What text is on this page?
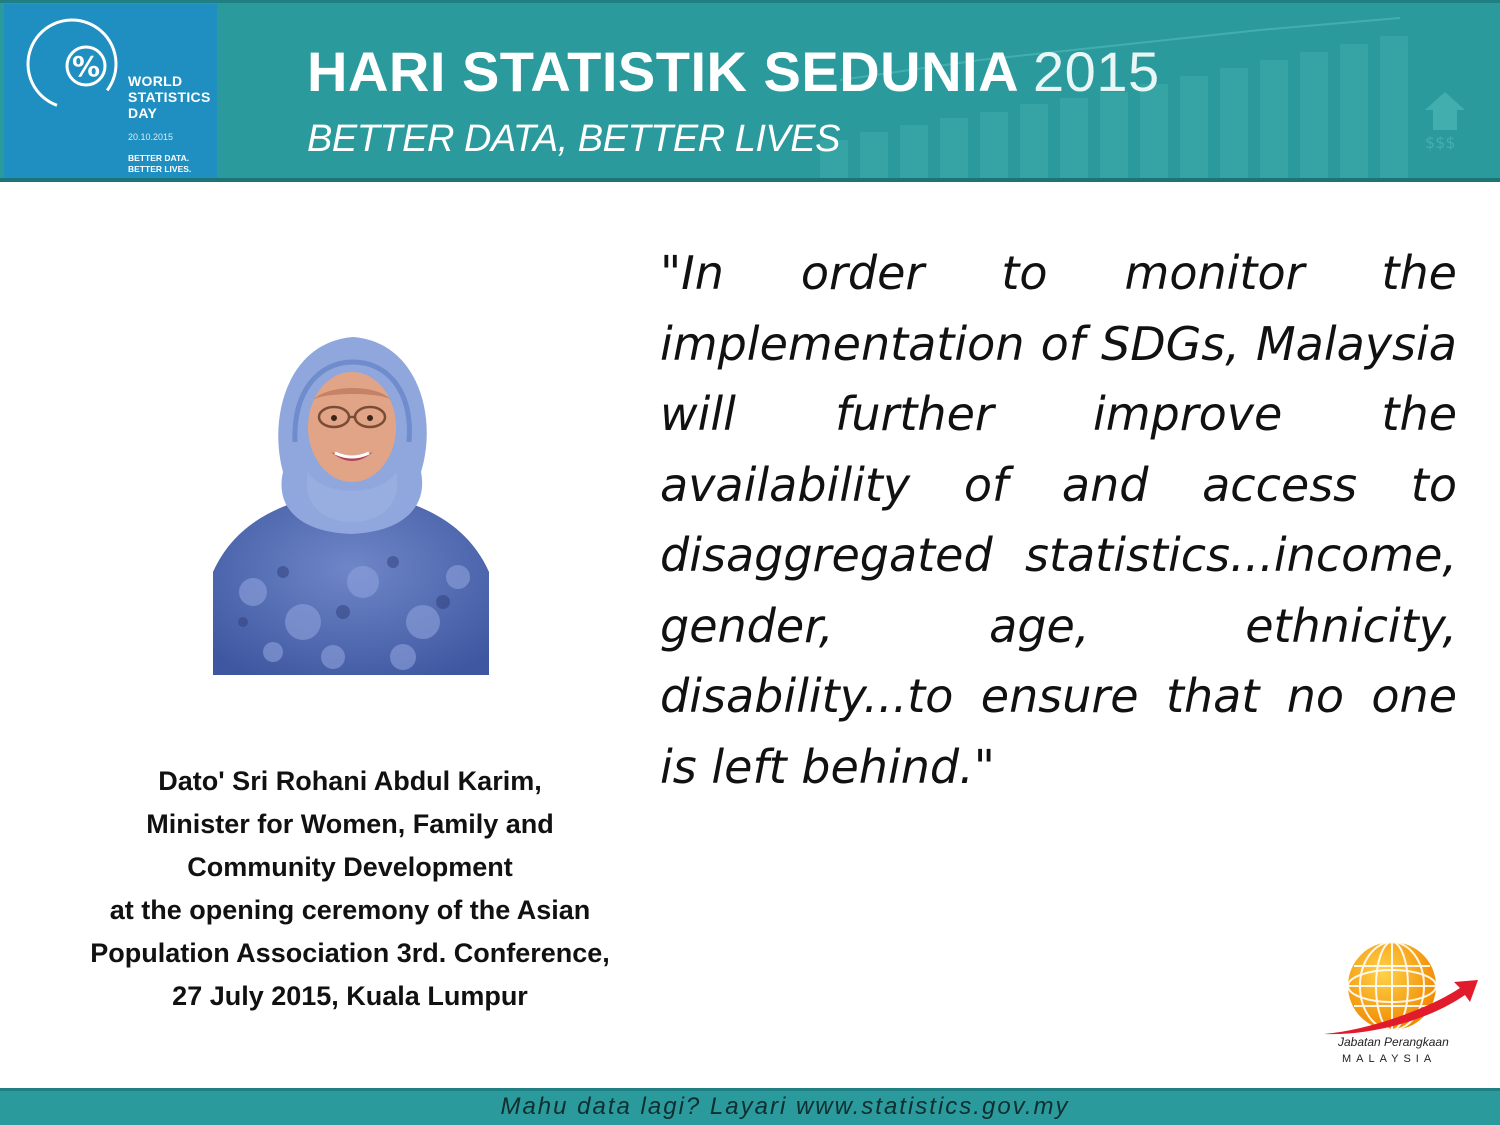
$$$
% WORLD
STATISTICS
DAY
20.10.2015
BETTER DATA.
BETTER LIVES.
HARI STATISTIK SEDUNIA 2015
BETTER DATA, BETTER LIVES
"In order to monitor the implementation of SDGs, Malaysia will further improve the availability of and access to disaggregated statistics...income, gender, age, ethnicity, disability...to ensure that no one is left behind."
Dato' Sri Rohani Abdul Karim,
Minister for Women, Family and
Community Development
at the opening ceremony of the Asian
Population Association 3rd. Conference,
27 July 2015, Kuala Lumpur
Jabatan Perangkaan
MALAYSIA
Mahu data lagi? Layari www.statistics.gov.my
